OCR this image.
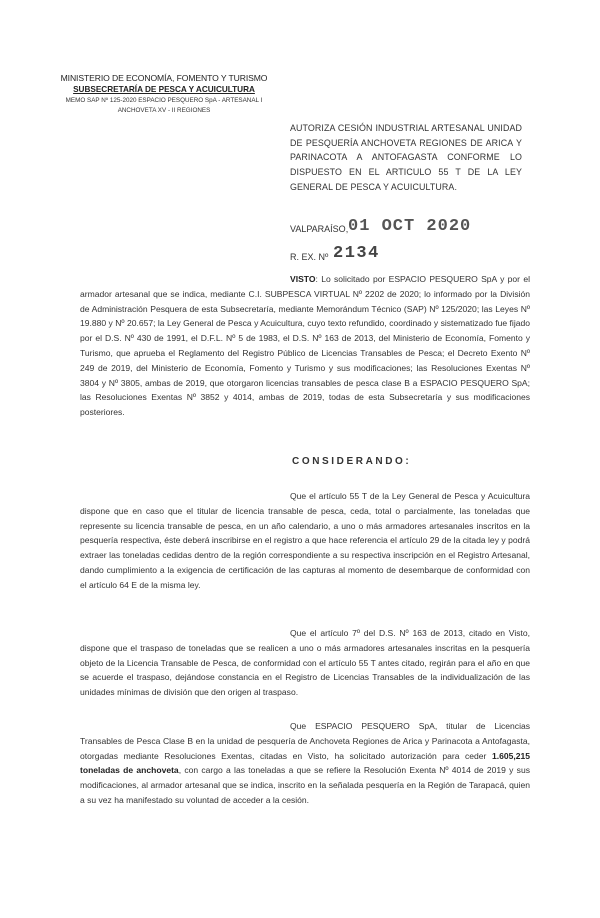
MINISTERIO DE ECONOMÍA, FOMENTO Y TURISMO
SUBSECRETARÍA DE PESCA Y ACUICULTURA
MEMO SAP Nº 125-2020 ESPACIO PESQUERO SpA - ARTESANAL I
ANCHOVETA XV - II REGIONES
AUTORIZA CESIÓN INDUSTRIAL ARTESANAL UNIDAD DE PESQUERÍA ANCHOVETA REGIONES DE ARICA Y PARINACOTA A ANTOFAGASTA CONFORME LO DISPUESTO EN EL ARTICULO 55 T DE LA LEY GENERAL DE PESCA Y ACUICULTURA.
VALPARAÍSO, 01 OCT 2020
R. EX. Nº 2134

VISTO: Lo solicitado por ESPACIO PESQUERO SpA y por el armador artesanal que se indica, mediante C.I. SUBPESCA VIRTUAL Nº 2202 de 2020; lo informado por la División de Administración Pesquera de esta Subsecretaría, mediante Memorándum Técnico (SAP) Nº 125/2020; las Leyes Nº 19.880 y Nº 20.657; la Ley General de Pesca y Acuicultura, cuyo texto refundido, coordinado y sistematizado fue fijado por el D.S. Nº 430 de 1991, el D.F.L. Nº 5 de 1983, el D.S. Nº 163 de 2013, del Ministerio de Economía, Fomento y Turismo, que aprueba el Reglamento del Registro Público de Licencias Transables de Pesca; el Decreto Exento Nº 249 de 2019, del Ministerio de Economía, Fomento y Turismo y sus modificaciones; las Resoluciones Exentas Nº 3804 y Nº 3805, ambas de 2019, que otorgaron licencias transables de pesca clase B a ESPACIO PESQUERO SpA; las Resoluciones Exentas Nº 3852 y 4014, ambas de 2019, todas de esta Subsecretaría y sus modificaciones posteriores.

CONSIDERANDO:

Que el artículo 55 T de la Ley General de Pesca y Acuicultura dispone que en caso que el titular de licencia transable de pesca, ceda, total o parcialmente, las toneladas que represente su licencia transable de pesca, en un año calendario, a uno o más armadores artesanales inscritos en la pesquería respectiva, éste deberá inscribirse en el registro a que hace referencia el artículo 29 de la citada ley y podrá extraer las toneladas cedidas dentro de la región correspondiente a su respectiva inscripción en el Registro Artesanal, dando cumplimiento a la exigencia de certificación de las capturas al momento de desembarque de conformidad con el artículo 64 E de la misma ley.

Que el artículo 7º del D.S. Nº 163 de 2013, citado en Visto, dispone que el traspaso de toneladas que se realicen a uno o más armadores artesanales inscritas en la pesquería objeto de la Licencia Transable de Pesca, de conformidad con el artículo 55 T antes citado, regirán para el año en que se acuerde el traspaso, dejándose constancia en el Registro de Licencias Transables de la individualización de las unidades mínimas de división que den origen al traspaso.

Que ESPACIO PESQUERO SpA, titular de Licencias Transables de Pesca Clase B en la unidad de pesquería de Anchoveta Regiones de Arica y Parinacota a Antofagasta, otorgadas mediante Resoluciones Exentas, citadas en Visto, ha solicitado autorización para ceder 1.605,215 toneladas de anchoveta, con cargo a las toneladas a que se refiere la Resolución Exenta Nº 4014 de 2019 y sus modificaciones, al armador artesanal que se indica, inscrito en la señalada pesquería en la Región de Tarapacá, quien a su vez ha manifestado su voluntad de acceder a la cesión.
